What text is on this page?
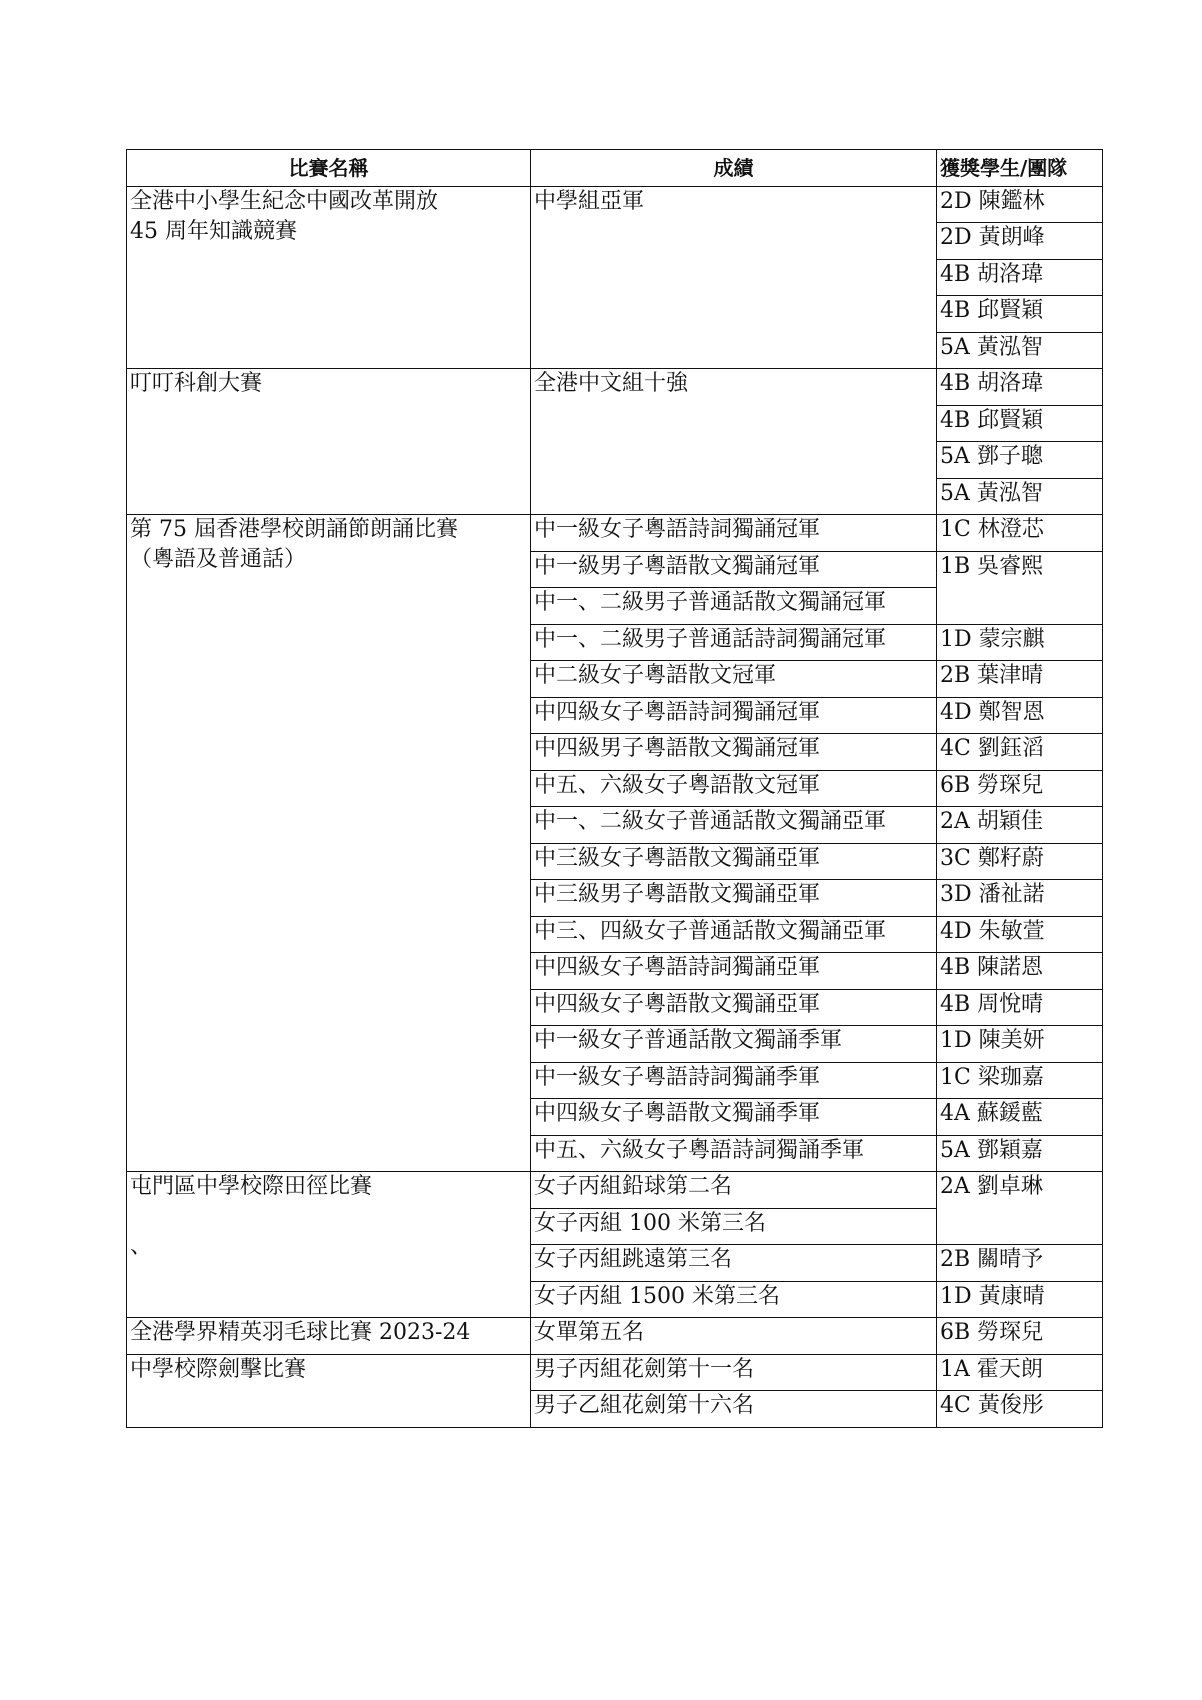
比賽名稱	成績	獲獎學生/團隊

全港中小學生紀念中國改革開放
45 周年知識競賽	中學組亞軍	2D 陳鑑林
		2D 黃朗峰
		4B 胡洛瑋
		4B 邱賢穎
		5A 黃泓智

叮叮科創大賽	全港中文組十強	4B 胡洛瑋
		4B 邱賢穎
		5A 鄧子聰
		5A 黃泓智

第 75 屆香港學校朗誦節朗誦比賽
（粵語及普通話）	中一級女子粵語詩詞獨誦冠軍	1C 林澄芯
	中一級男子粵語散文獨誦冠軍	1B 吳睿熙
	中一、二級男子普通話散文獨誦冠軍	
	中一、二級男子普通話詩詞獨誦冠軍	1D 蒙宗麒
	中二級女子粵語散文冠軍	2B 葉津晴
	中四級女子粵語詩詞獨誦冠軍	4D 鄭智恩
	中四級男子粵語散文獨誦冠軍	4C 劉鈺滔
	中五、六級女子粵語散文冠軍	6B 勞琛兒
	中一、二級女子普通話散文獨誦亞軍	2A 胡穎佳
	中三級女子粵語散文獨誦亞軍	3C 鄭籽蔚
	中三級男子粵語散文獨誦亞軍	3D 潘祉諾
	中三、四級女子普通話散文獨誦亞軍	4D 朱敏萱
	中四級女子粵語詩詞獨誦亞軍	4B 陳諾恩
	中四級女子粵語散文獨誦亞軍	4B 周悅晴
	中一級女子普通話散文獨誦季軍	1D 陳美妍
	中一級女子粵語詩詞獨誦季軍	1C 梁珈嘉
	中四級女子粵語散文獨誦季軍	4A 蘇鍰藍
	中五、六級女子粵語詩詞獨誦季軍	5A 鄧穎嘉

屯門區中學校際田徑比賽

、	女子丙組鉛球第二名	2A 劉卓琳
	女子丙組 100 米第三名	
	女子丙組跳遠第三名	2B 關晴予
	女子丙組 1500 米第三名	1D 黃康晴

全港學界精英羽毛球比賽 2023-24	女單第五名	6B 勞琛兒

中學校際劍擊比賽	男子丙組花劍第十一名	1A 霍天朗
	男子乙組花劍第十六名	4C 黃俊彤
